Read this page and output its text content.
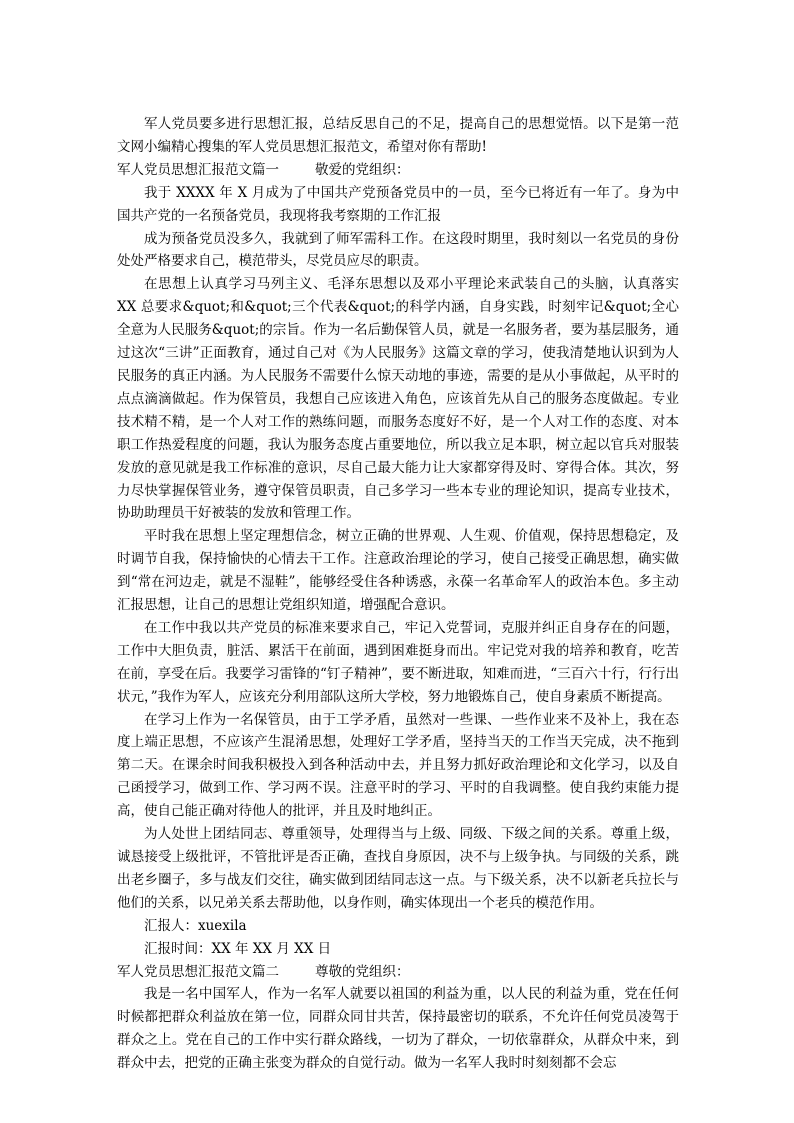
军人党员要多进行思想汇报，总结反思自己的不足，提高自己的思想觉悟。以下是第一范文网小编精心搜集的军人党员思想汇报范文，希望对你有帮助!

军人党员思想汇报范文篇一	敬爱的党组织：

我于 XXXX 年 X 月成为了中国共产党预备党员中的一员，至今已将近有一年了。身为中国共产党的一名预备党员，我现将我考察期的工作汇报

成为预备党员没多久，我就到了师军需科工作。在这段时期里，我时刻以一名党员的身份处处严格要求自己，模范带头，尽党员应尽的职责。

在思想上认真学习马列主义、毛泽东思想以及邓小平理论来武装自己的头脑，认真落实 XX 总要求&quot;和&quot;三个代表&quot;的科学内涵，自身实践，时刻牢记&quot;全心全意为人民服务&quot;的宗旨。作为一名后勤保管人员，就是一名服务者，要为基层服务，通过这次“三讲”正面教育，通过自己对《为人民服务》这篇文章的学习，使我清楚地认识到为人民服务的真正内涵。为人民服务不需要什么惊天动地的事迹，需要的是从小事做起，从平时的点点滴滴做起。作为保管员，我想自己应该进入角色，应该首先从自己的服务态度做起。专业技术精不精，是一个人对工作的熟练问题，而服务态度好不好，是一个人对工作的态度、对本职工作热爱程度的问题，我认为服务态度占重要地位，所以我立足本职，树立起以官兵对服装发放的意见就是我工作标准的意识，尽自己最大能力让大家都穿得及时、穿得合体。其次，努力尽快掌握保管业务，遵守保管员职责，自己多学习一些本专业的理论知识，提高专业技术，协助助理员干好被装的发放和管理工作。

平时我在思想上坚定理想信念，树立正确的世界观、人生观、价值观，保持思想稳定，及时调节自我，保持愉快的心情去干工作。注意政治理论的学习，使自己接受正确思想，确实做到“常在河边走，就是不湿鞋”，能够经受住各种诱惑，永葆一名革命军人的政治本色。多主动汇报思想，让自己的思想让党组织知道，增强配合意识。

在工作中我以共产党员的标准来要求自己，牢记入党誓词，克服并纠正自身存在的问题，工作中大胆负责，脏活、累活干在前面，遇到困难挺身而出。牢记党对我的培养和教育，吃苦在前，享受在后。我要学习雷锋的“钉子精神”，要不断进取，知难而进，“三百六十行，行行出状元，”我作为军人，应该充分利用部队这所大学校，努力地锻炼自己，使自身素质不断提高。

在学习上作为一名保管员，由于工学矛盾，虽然对一些课、一些作业来不及补上，我在态度上端正思想，不应该产生混淆思想，处理好工学矛盾，坚持当天的工作当天完成，决不拖到第二天。在课余时间我积极投入到各种活动中去，并且努力抓好政治理论和文化学习，以及自己函授学习，做到工作、学习两不误。注意平时的学习、平时的自我调整。使自我约束能力提高，使自己能正确对待他人的批评，并且及时地纠正。

为人处世上团结同志、尊重领导，处理得当与上级、同级、下级之间的关系。尊重上级，诚恳接受上级批评，不管批评是否正确，查找自身原因，决不与上级争执。与同级的关系，跳出老乡圈子，多与战友们交往，确实做到团结同志这一点。与下级关系，决不以新老兵拉长与他们的关系，以兄弟关系去帮助他，以身作则，确实体现出一个老兵的模范作用。

汇报人：xuexila

汇报时间：XX 年 XX 月 XX 日

军人党员思想汇报范文篇二	尊敬的党组织：

我是一名中国军人，作为一名军人就要以祖国的利益为重，以人民的利益为重，党在任何时候都把群众利益放在第一位，同群众同甘共苦，保持最密切的联系，不允许任何党员凌驾于群众之上。党在自己的工作中实行群众路线，一切为了群众，一切依靠群众，从群众中来，到群众中去，把党的正确主张变为群众的自觉行动。做为一名军人我时时刻刻都不会忘
